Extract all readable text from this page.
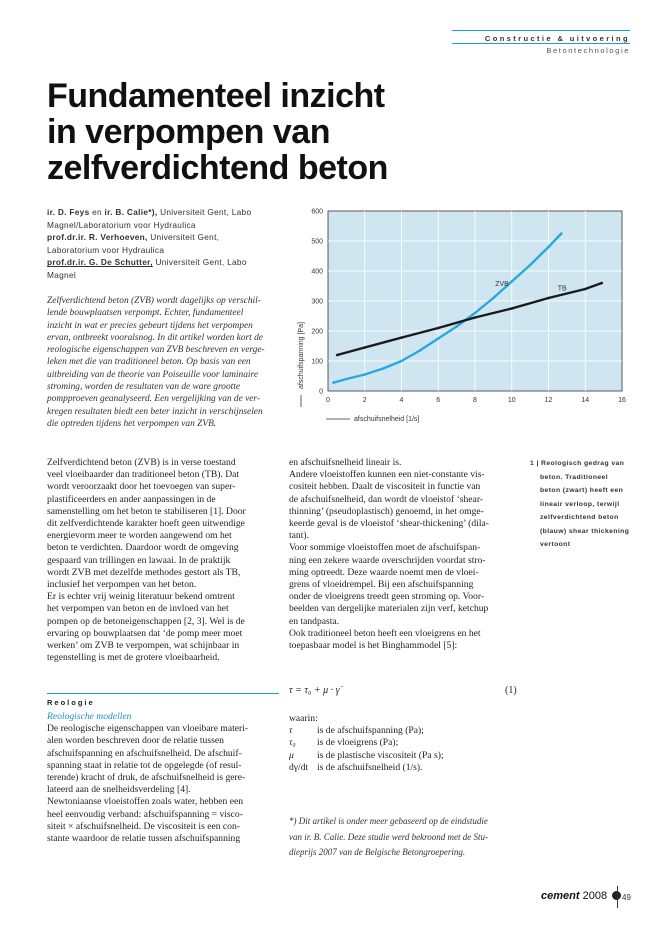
Constructie & uitvoering
Betontechnologie
Fundamenteel inzicht
in verpompen van
zelfverdichtend beton
ir. D. Feys en ir. B. Calie*), Universiteit Gent, Labo
Magnel/Laboratorium voor Hydraulica
prof.dr.ir. R. Verhoeven, Universiteit Gent,
Laboratorium voor Hydraulica
prof.dr.ir. G. De Schutter, Universiteit Gent, Labo
Magnel
Zelfverdichtend beton (ZVB) wordt dagelijks op verschil-
lende bouwplaatsen verpompt. Echter, fundamenteel
inzicht in wat er precies gebeurt tijdens het verpompen
ervan, ontbreekt vooralsnog. In dit artikel worden kort de
reologische eigenschappen van ZVB beschreven en verge-
leken met die van traditioneel beton. Op basis van een
uitbreiding van de theorie van Poiseuille voor laminaire
stroming, worden de resultaten van de ware grootte
pompproeven geanalyseerd. Een vergelijking van de ver-
kregen resultaten biedt een beter inzicht in verschijnselen
die optreden tijdens het verpompen van ZVB.
0
100
200
300
400
500
600
0	2	4	6	8	10	12	14	16
afschuifspanning [Pa]
afschuifsnelheid [1/s]
ZVB
TB
Zelfverdichtend beton (ZVB) is in verse toestand
veel vloeibaarder dan traditioneel beton (TB). Dat
wordt veroorzaakt door het toevoegen van super-
plastificeerders en ander aanpassingen in de
samenstelling om het beton te stabiliseren [1]. Door
dit zelfverdichtende karakter hoeft geen uitwendige
energievorm meer te worden aangewend om het
beton te verdichten. Daardoor wordt de omgeving
gespaard van trillingen en lawaai. In de praktijk
wordt ZVB met dezelfde methodes gestort als TB,
inclusief het verpompen van het beton.
Er is echter vrij weinig literatuur bekend omtrent
het verpompen van beton en de invloed van het
pompen op de betoneigenschappen [2, 3]. Wel is de
ervaring op bouwplaatsen dat ‘de pomp meer moet
werken’ om ZVB te verpompen, wat schijnbaar in
tegenstelling is met de grotere vloeibaarheid.
Reologie
Reologische modellen
De reologische eigenschappen van vloeibare materi-
alen worden beschreven door de relatie tussen
afschuifspanning en afschuifsnelheid. De afschuif-
spanning staat in relatie tot de opgelegde (of resul-
terende) kracht of druk, de afschuifsnelheid is gere-
lateerd aan de snelheidsverdeling [4].
Newtoniaanse vloeistoffen zoals water, hebben een
heel eenvoudig verband: afschuifspanning = visco-
siteit × afschuifsnelheid. De viscositeit is een con-
stante waardoor de relatie tussen afschuifspanning
en afschuifsnelheid lineair is.
Andere vloeistoffen kunnen een niet-constante vis-
cositeit hebben. Daalt de viscositeit in functie van
de afschuifsnelheid, dan wordt de vloeistof ‘shear-
thinning’ (pseudoplastisch) genoemd, in het omge-
keerde geval is de vloeistof ‘shear-thickening’ (dila-
tant).
Voor sommige vloeistoffen moet de afschuifspan-
ning een zekere waarde overschrijden voordat stro-
ming optreedt. Deze waarde noemt men de vloei-
grens of vloeidrempel. Bij een afschuifspanning
onder de vloeigrens treedt geen stroming op. Voor-
beelden van dergelijke materialen zijn verf, ketchup
en tandpasta.
Ook traditioneel beton heeft een vloeigrens en het
toepasbaar model is het Binghammodel [5]:
τ = τ₀ + μ · γ̇	(1)
waarin:
τ	is de afschuifspanning (Pa);
τ₀ is de vloeigrens (Pa);
μ is de plastische viscositeit (Pa s);
dγ/dt is de afschuifsnelheid (1/s).
*) Dit artikel is onder meer gebaseerd op de eindstudie
van ir. B. Calie. Deze studie werd bekroond met de Stu-
dieprijs 2007 van de Belgische Betongroepering.
1 | Reologisch gedrag van
beton. Traditioneel
beton (zwart) heeft een
lineair verloop, terwijl
zelfverdichtend beton
(blauw) shear thickening
vertoont
cement 2008	49
